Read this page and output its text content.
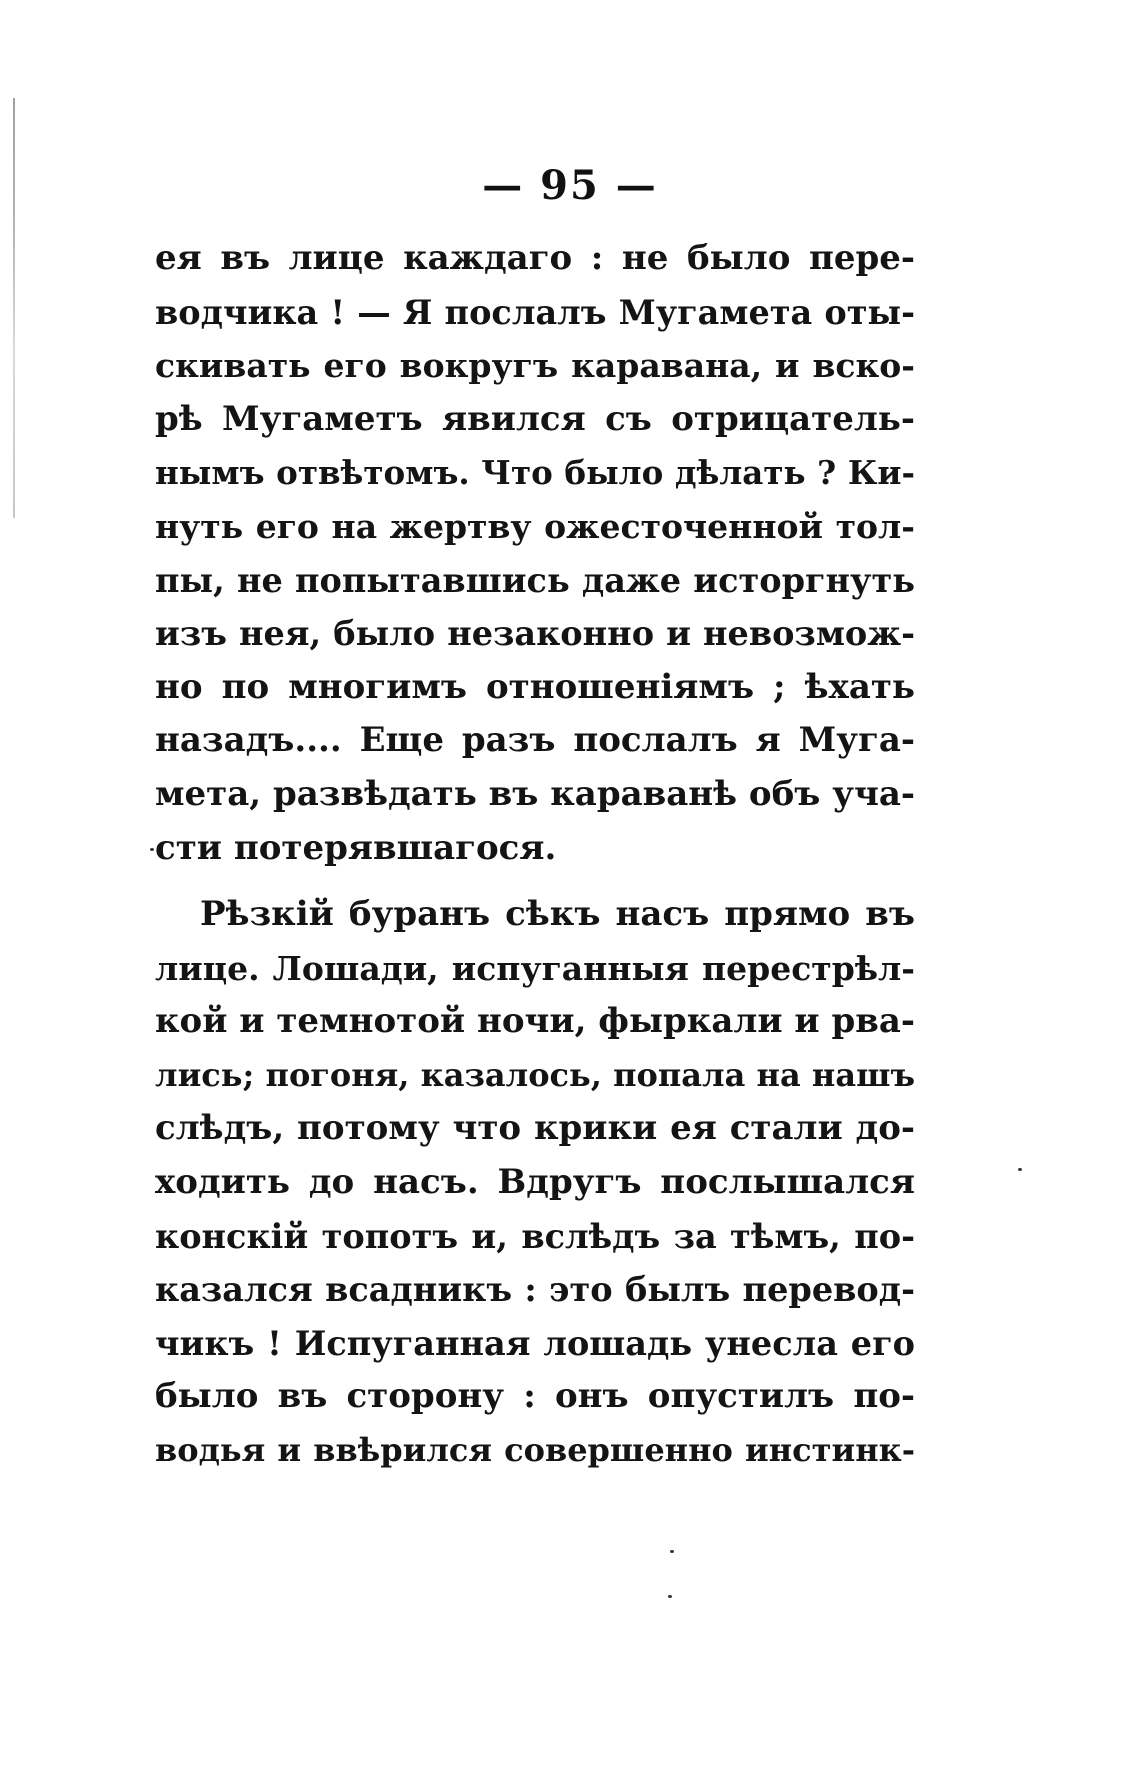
— 95 —
ея въ лице каждаго : не было пере-
водчика ! — Я послалъ Мугамета оты-
скивать его вокругъ каравана, и вско-
рѣ Мугаметъ явился съ отрицатель-
нымъ отвѣтомъ. Что было дѣлать ? Ки-
нуть его на жертву ожесточенной тол-
пы, не попытавшись даже исторгнуть
изъ нея, было незаконно и невозмож-
но по многимъ отношеніямъ ; ѣхать
назадъ.... Еще разъ послалъ я Муга-
мета, развѣдать въ караванѣ объ уча-
сти потерявшагося.
Рѣзкій буранъ сѣкъ насъ прямо въ
лице. Лошади, испуганныя перестрѣл-
кой и темнотой ночи, фыркали и рва-
лись; погоня, казалось, попала на нашъ
слѣдъ, потому что крики ея стали до-
ходить до насъ. Вдругъ послышался
конскій топотъ и, вслѣдъ за тѣмъ, по-
казался всадникъ : это былъ перевод-
чикъ ! Испуганная лошадь унесла его
было въ сторону : онъ опустилъ по-
водья и ввѣрился совершенно инстинк-
